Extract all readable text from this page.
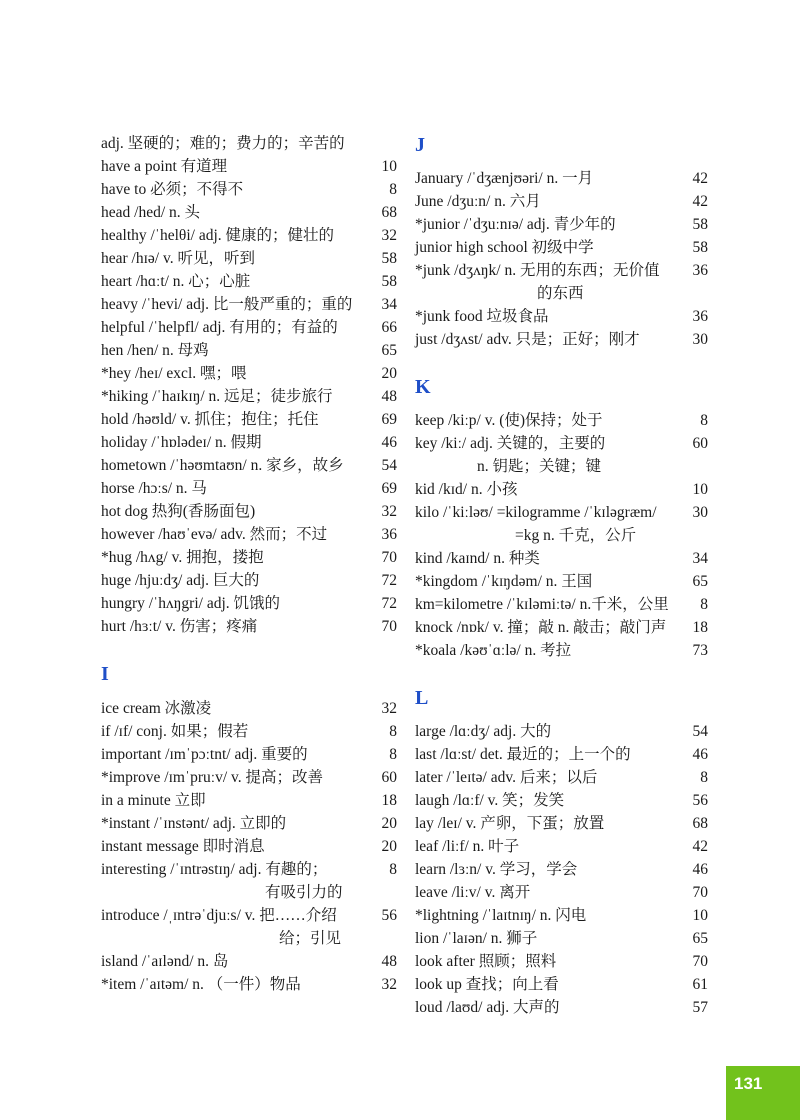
adj. 坚硬的；难的；费力的；辛苦的
have a point 有道理	10
have to 必须；不得不	8
head /hed/ n. 头	68
healthy /ˈhelθi/ adj. 健康的；健壮的	32
hear /hɪə/ v. 听见，听到	58
heart /hɑːt/ n. 心；心脏	58
heavy /ˈhevi/ adj. 比一般严重的；重的 34
helpful /ˈhelpfl/ adj. 有用的；有益的	66
hen /hen/ n. 母鸡	65
*hey /heɪ/ excl. 嘿；喂	20
*hiking /ˈhaɪkɪŋ/ n. 远足；徒步旅行	48
hold /həʊld/ v. 抓住；抱住；托住	69
holiday /ˈhɒlədeɪ/ n. 假期	46
hometown /ˈhəʊmtaʊn/ n. 家乡，故乡 54
horse /hɔːs/ n. 马	69
hot dog 热狗(香肠面包)	32
however /haʊˈevə/ adv. 然而；不过	36
*hug /hʌg/ v. 拥抱，搂抱	70
huge /hjuːdʒ/ adj. 巨大的	72
hungry /ˈhʌŋgri/ adj. 饥饿的	72
hurt /hɜːt/ v. 伤害；疼痛	70
I
ice cream 冰激凌	32
if /ɪf/ conj. 如果；假若	8
important /ɪmˈpɔːtnt/ adj. 重要的	8
*improve /ɪmˈpruːv/ v. 提高；改善	60
in a minute 立即	18
*instant /ˈɪnstənt/ adj. 立即的	20
instant message 即时消息	20
interesting /ˈɪntrəstɪŋ/ adj. 有趣的；	8
有吸引力的
introduce /ˌɪntrəˈdjuːs/ v. 把……介绍	56
给；引见
island /ˈaɪlənd/ n. 岛	48
*item /ˈaɪtəm/ n. （一件）物品	32
J
January /ˈdʒænjʊəri/ n. 一月	42
June /dʒuːn/ n. 六月	42
*junior /ˈdʒuːnɪə/ adj. 青少年的	58
junior high school 初级中学	58
*junk /dʒʌŋk/ n. 无用的东西；无价值 36
的东西
*junk food 垃圾食品	36
just /dʒʌst/ adv. 只是；正好；刚才	30
K
keep /kiːp/ v. (使)保持；处于	8
key /kiː/ adj. 关键的，主要的	60
n. 钥匙；关键；键
kid /kɪd/ n. 小孩	10
kilo /ˈkiːləʊ/ =kilogramme /ˈkɪləgræm/ 30
=kg n. 千克，公斤
kind /kaɪnd/ n. 种类	34
*kingdom /ˈkɪŋdəm/ n. 王国	65
km=kilometre /ˈkɪləmiːtə/ n.千米，公里 8
knock /nɒk/ v. 撞；敲 n. 敲击；敲门声 18
*koala /kəʊˈɑːlə/ n. 考拉	73
L
large /lɑːdʒ/ adj. 大的	54
last /lɑːst/ det. 最近的；上一个的	46
later /ˈleɪtə/ adv. 后来；以后	8
laugh /lɑːf/ v. 笑；发笑	56
lay /leɪ/ v. 产卵，下蛋；放置	68
leaf /liːf/ n. 叶子	42
learn /lɜːn/ v. 学习，学会	46
leave /liːv/ v. 离开	70
*lightning /ˈlaɪtnɪŋ/ n. 闪电	10
lion /ˈlaɪən/ n. 狮子	65
look after 照顾；照料	70
look up 查找；向上看	61
loud /laʊd/ adj. 大声的	57
131
